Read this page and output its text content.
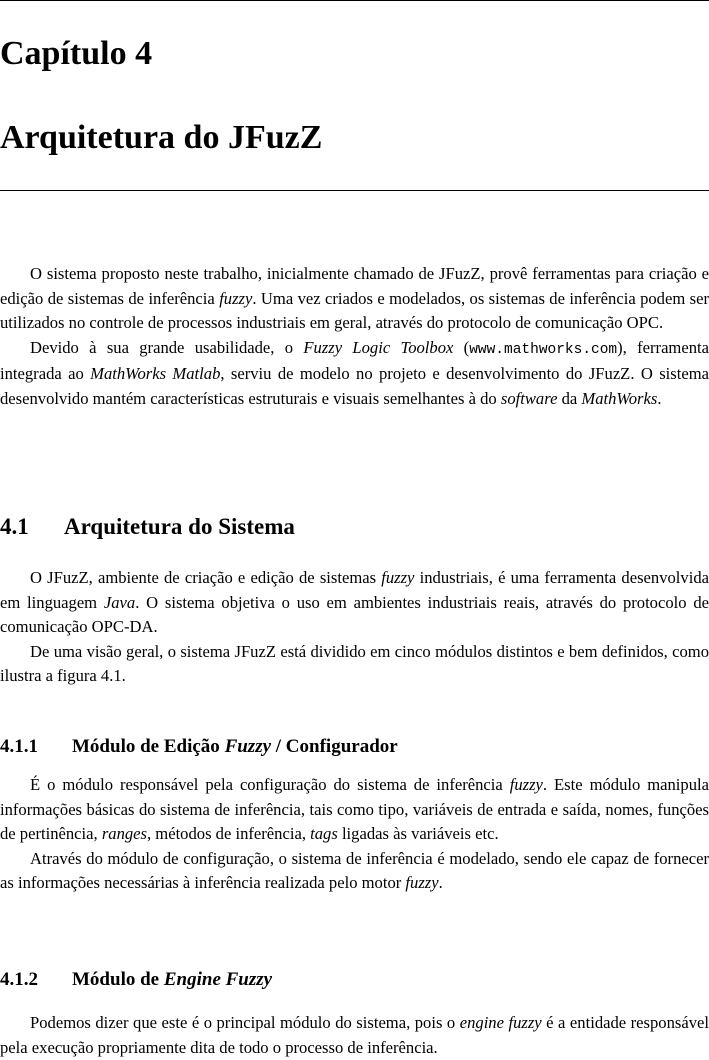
Capítulo 4
Arquitetura do JFuzZ

O sistema proposto neste trabalho, inicialmente chamado de JFuzZ, provê ferramentas para criação e edição de sistemas de inferência fuzzy. Uma vez criados e modelados, os sistemas de inferência podem ser utilizados no controle de processos industriais em geral, através do protocolo de comunicação OPC.

Devido à sua grande usabilidade, o Fuzzy Logic Toolbox (www.mathworks.com), ferramenta integrada ao MathWorks Matlab, serviu de modelo no projeto e desenvolvimento do JFuzZ. O sistema desenvolvido mantém características estruturais e visuais semelhantes à do software da MathWorks.

4.1 Arquitetura do Sistema

O JFuzZ, ambiente de criação e edição de sistemas fuzzy industriais, é uma ferramenta desenvolvida em linguagem Java. O sistema objetiva o uso em ambientes industriais reais, através do protocolo de comunicação OPC-DA.

De uma visão geral, o sistema JFuzZ está dividido em cinco módulos distintos e bem definidos, como ilustra a figura 4.1.

4.1.1 Módulo de Edição Fuzzy / Configurador

É o módulo responsável pela configuração do sistema de inferência fuzzy. Este módulo manipula informações básicas do sistema de inferência, tais como tipo, variáveis de entrada e saída, nomes, funções de pertinência, ranges, métodos de inferência, tags ligadas às variáveis etc.

Através do módulo de configuração, o sistema de inferência é modelado, sendo ele capaz de fornecer as informações necessárias à inferência realizada pelo motor fuzzy.

4.1.2 Módulo de Engine Fuzzy

Podemos dizer que este é o principal módulo do sistema, pois o engine fuzzy é a entidade responsável pela execução propriamente dita de todo o processo de inferência.
